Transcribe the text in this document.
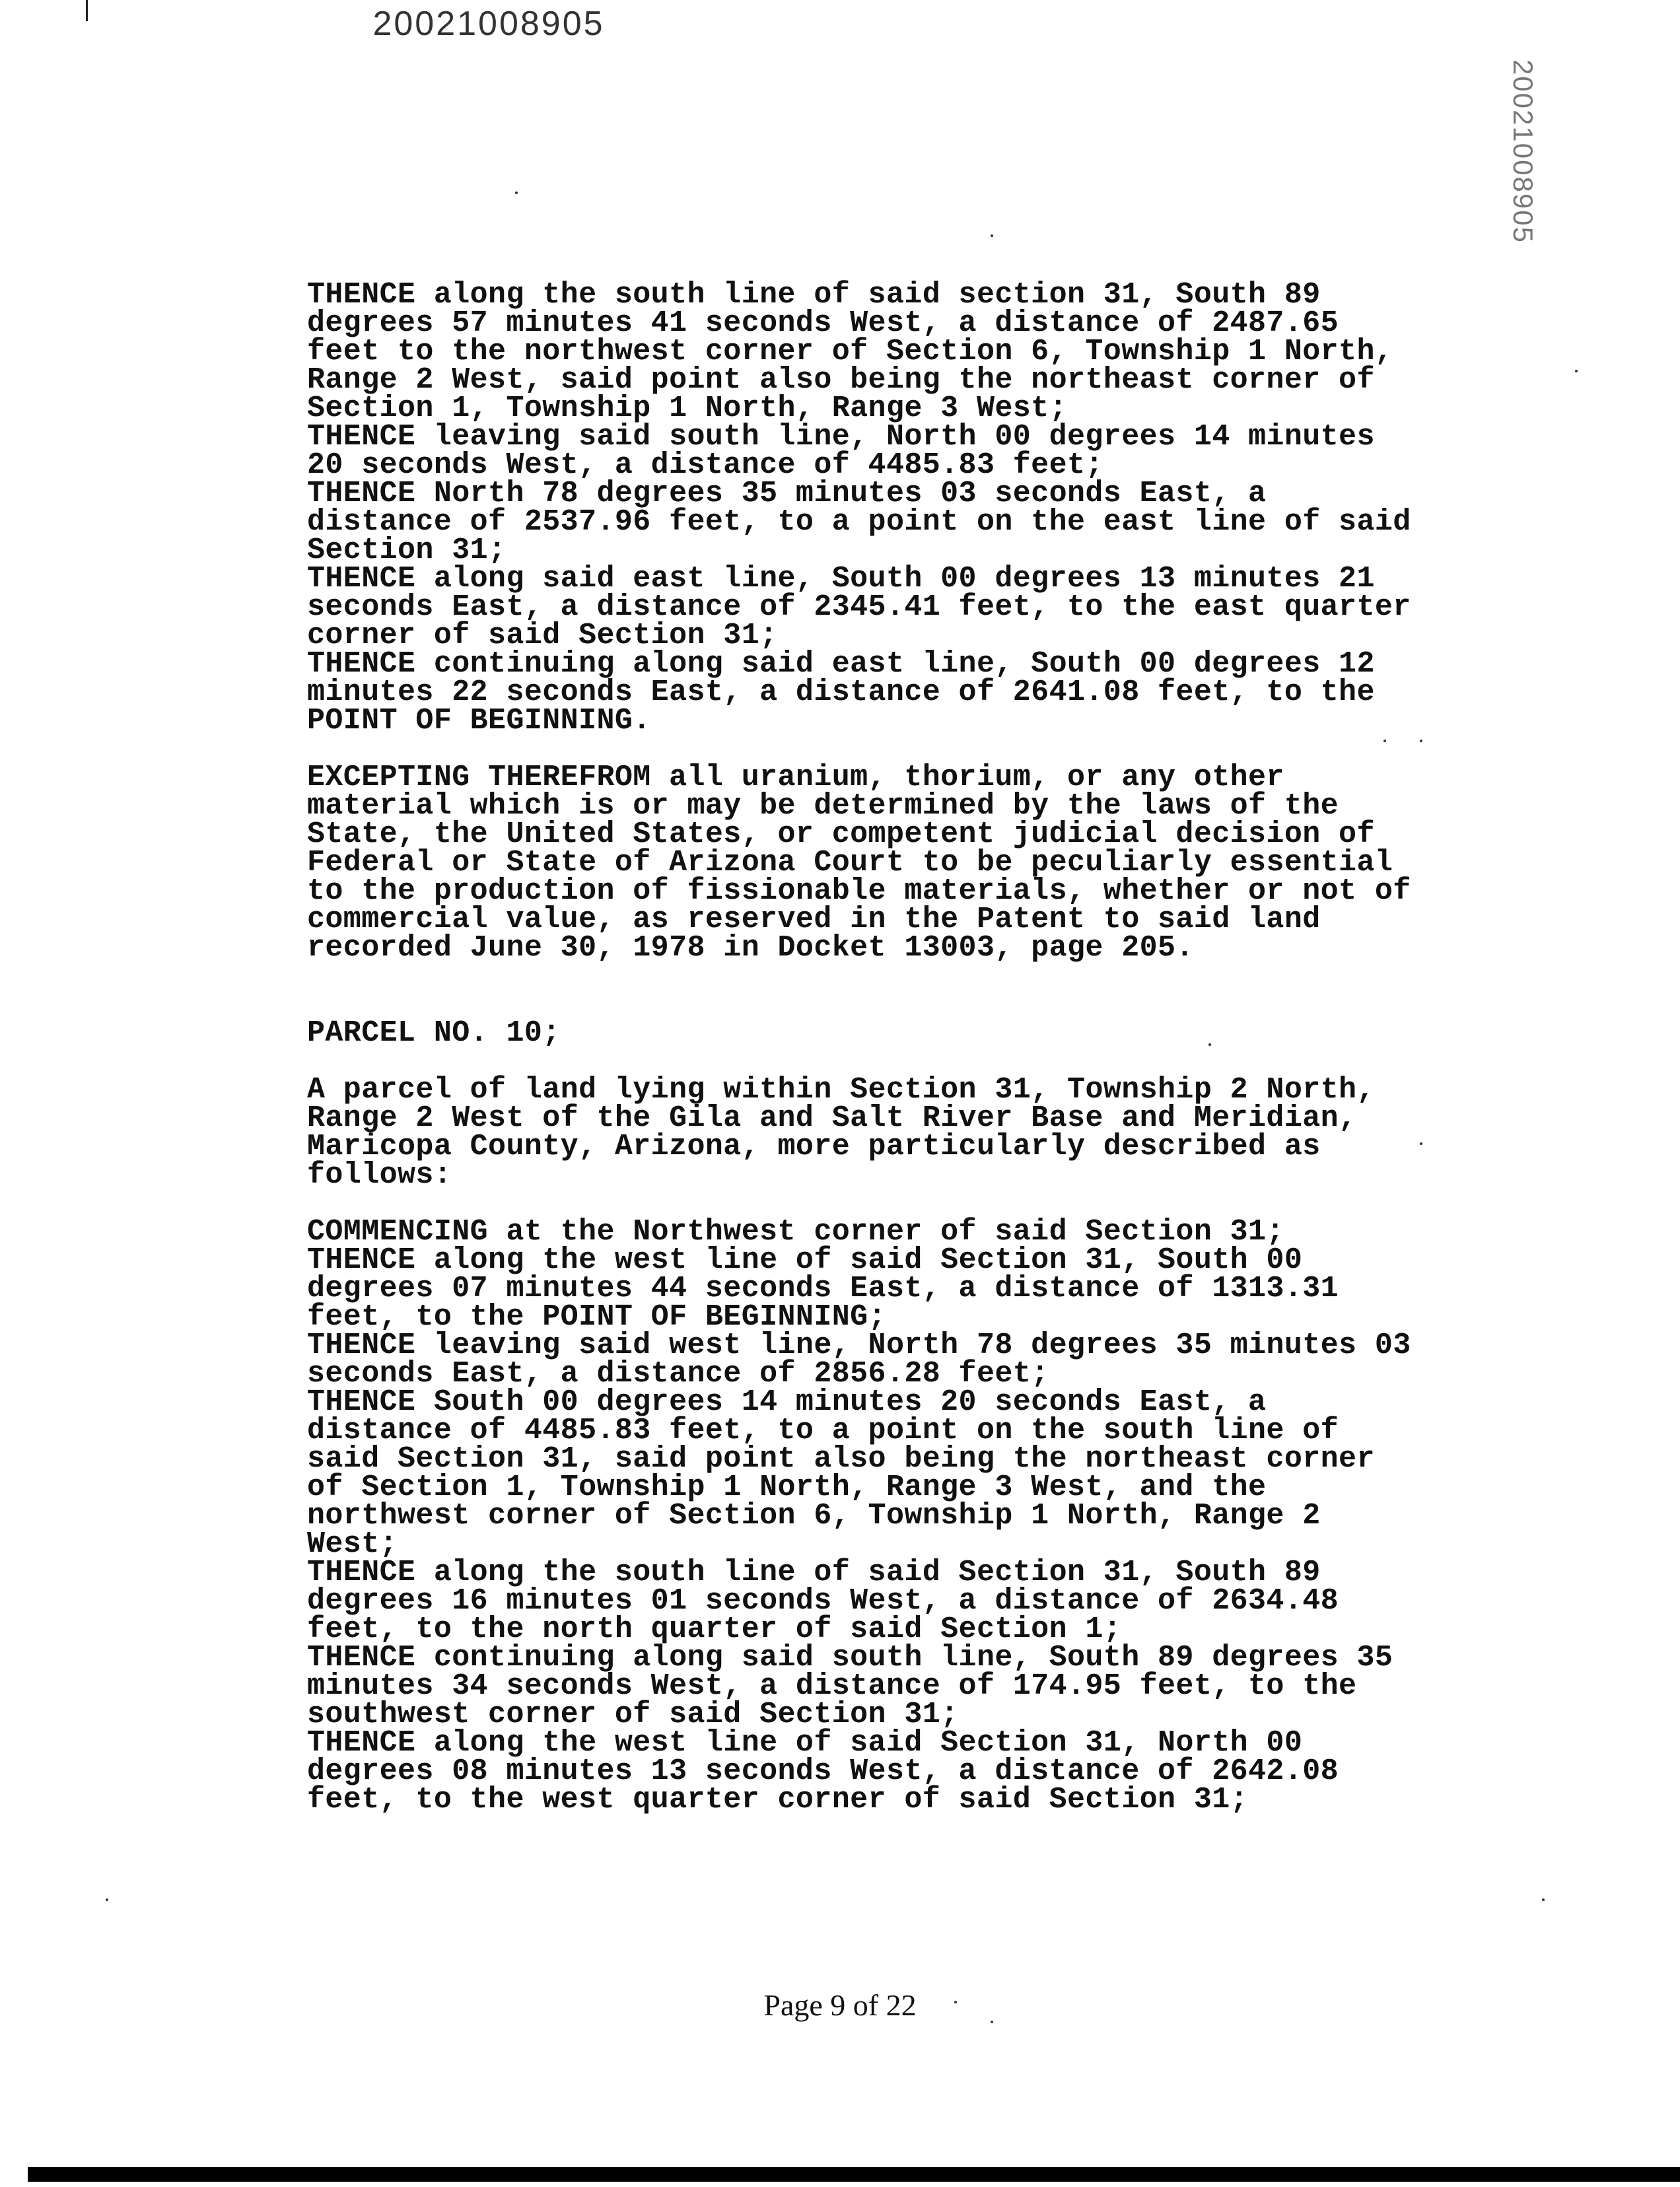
20021008905
20021008905

THENCE along the south line of said section 31, South 89
degrees 57 minutes 41 seconds West, a distance of 2487.65
feet to the northwest corner of Section 6, Township 1 North,
Range 2 West, said point also being the northeast corner of
Section 1, Township 1 North, Range 3 West;
THENCE leaving said south line, North 00 degrees 14 minutes
20 seconds West, a distance of 4485.83 feet;
THENCE North 78 degrees 35 minutes 03 seconds East, a
distance of 2537.96 feet, to a point on the east line of said
Section 31;
THENCE along said east line, South 00 degrees 13 minutes 21
seconds East, a distance of 2345.41 feet, to the east quarter
corner of said Section 31;
THENCE continuing along said east line, South 00 degrees 12
minutes 22 seconds East, a distance of 2641.08 feet, to the
POINT OF BEGINNING.

EXCEPTING THEREFROM all uranium, thorium, or any other
material which is or may be determined by the laws of the
State, the United States, or competent judicial decision of
Federal or State of Arizona Court to be peculiarly essential
to the production of fissionable materials, whether or not of
commercial value, as reserved in the Patent to said land
recorded June 30, 1978 in Docket 13003, page 205.

PARCEL NO. 10;

A parcel of land lying within Section 31, Township 2 North,
Range 2 West of the Gila and Salt River Base and Meridian,
Maricopa County, Arizona, more particularly described as
follows:

COMMENCING at the Northwest corner of said Section 31;
THENCE along the west line of said Section 31, South 00
degrees 07 minutes 44 seconds East, a distance of 1313.31
feet, to the POINT OF BEGINNING;
THENCE leaving said west line, North 78 degrees 35 minutes 03
seconds East, a distance of 2856.28 feet;
THENCE South 00 degrees 14 minutes 20 seconds East, a
distance of 4485.83 feet, to a point on the south line of
said Section 31, said point also being the northeast corner
of Section 1, Township 1 North, Range 3 West, and the
northwest corner of Section 6, Township 1 North, Range 2
West;
THENCE along the south line of said Section 31, South 89
degrees 16 minutes 01 seconds West, a distance of 2634.48
feet, to the north quarter of said Section 1;
THENCE continuing along said south line, South 89 degrees 35
minutes 34 seconds West, a distance of 174.95 feet, to the
southwest corner of said Section 31;
THENCE along the west line of said Section 31, North 00
degrees 08 minutes 13 seconds West, a distance of 2642.08
feet, to the west quarter corner of said Section 31;

Page 9 of 22
